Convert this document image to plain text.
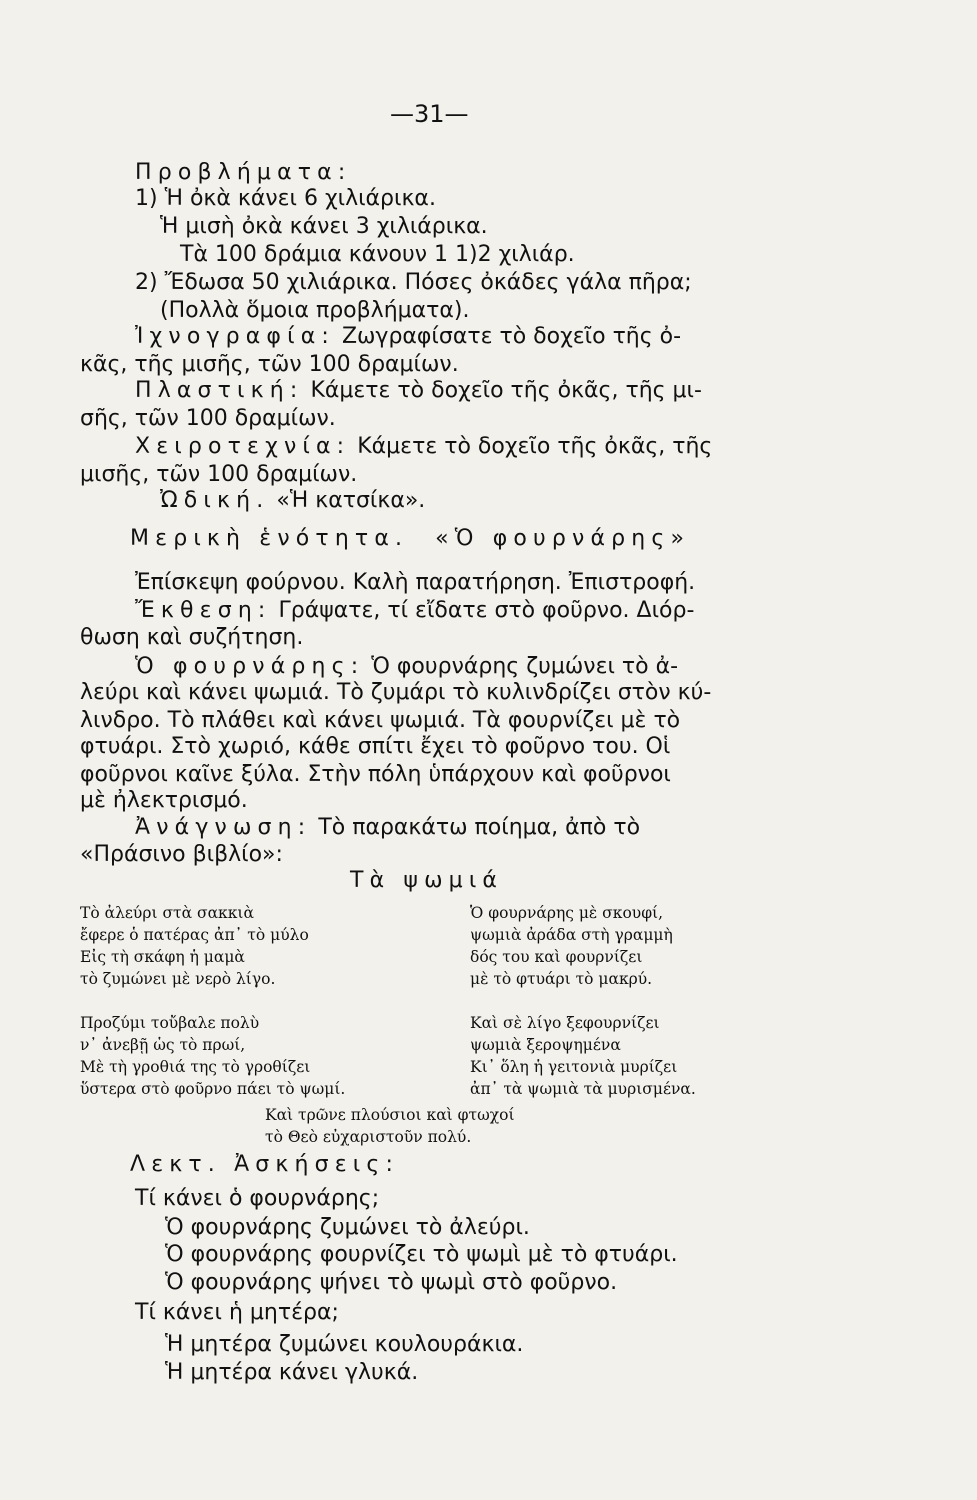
—31—
Προβλήματα:
1) Ἡ ὀκὰ κάνει 6 χιλιάρικα.
Ἡ μισὴ ὀκὰ κάνει 3 χιλιάρικα.
Τὰ 100 δράμια κάνουν 1 1)2 χιλιάρ.
2) Ἔδωσα 50 χιλιάρικα. Πόσες ὀκάδες γάλα πῆρα;
(Πολλὰ ὅμοια προβλήματα).
Ἰχνογραφία: Ζωγραφίσατε τὸ δοχεῖο τῆς ὀ-
κᾶς, τῆς μισῆς, τῶν 100 δραμίων.
Πλαστική: Κάμετε τὸ δοχεῖο τῆς ὀκᾶς, τῆς μι-
σῆς, τῶν 100 δραμίων.
Χειροτεχνία: Κάμετε τὸ δοχεῖο τῆς ὀκᾶς, τῆς
μισῆς, τῶν 100 δραμίων.
Ὠδική. «Ἡ κατσίκα».
Μερικὴ ἑνότητα. «Ὁ φουρνάρης»
Ἐπίσκεψη φούρνου. Καλὴ παρατήρηση. Ἐπιστροφή.
Ἔκθεση: Γράψατε, τί εἴδατε στὸ φοῦρνο. Διόρ-
θωση καὶ συζήτηση.
Ὁ φουρνάρης: Ὁ φουρνάρης ζυμώνει τὸ ἀ-
λεύρι καὶ κάνει ψωμιά. Τὸ ζυμάρι τὸ κυλινδρίζει στὸν κύ-
λινδρο. Τὸ πλάθει καὶ κάνει ψωμιά. Τὰ φουρνίζει μὲ τὸ
φτυάρι. Στὸ χωριό, κάθε σπίτι ἔχει τὸ φοῦρνο του. Οἱ
φοῦρνοι καῖνε ξύλα. Στὴν πόλη ὑπάρχουν καὶ φοῦρνοι
μὲ ἠλεκτρισμό.
Ἀνάγνωση: Τὸ παρακάτω ποίημα, ἀπὸ τὸ
«Πράσινο βιβλίο»:
Τὰ ψωμιά
Τὸ ἀλεύρι στὰ σακκιὰ
ἔφερε ὁ πατέρας ἀπ᾽ τὸ μύλο
Εἰς τὴ σκάφη ἡ μαμὰ
τὸ ζυμώνει μὲ νερὸ λίγο.
Ὁ φουρνάρης μὲ σκουφί,
ψωμιὰ ἀράδα στὴ γραμμὴ
δός του καὶ φουρνίζει
μὲ τὸ φτυάρι τὸ μακρύ.
Προζύμι τοὔβαλε πολὺ
ν᾽ ἀνεβῇ ὡς τὸ πρωί,
Μὲ τὴ γροθιά της τὸ γροθίζει
ὕστερα στὸ φοῦρνο πάει τὸ ψωμί.
Καὶ σὲ λίγο ξεφουρνίζει
ψωμιὰ ξεροψημένα
Κι᾽ ὅλη ἡ γειτονιὰ μυρίζει
ἀπ᾽ τὰ ψωμιὰ τὰ μυρισμένα.
Καὶ τρῶνε πλούσιοι καὶ φτωχοί
τὸ Θεὸ εὐχαριστοῦν πολύ.
Λεκτ. Ἀσκήσεις:
Τί κάνει ὁ φουρνάρης;
Ὁ φουρνάρης ζυμώνει τὸ ἀλεύρι.
Ὁ φουρνάρης φουρνίζει τὸ ψωμὶ μὲ τὸ φτυάρι.
Ὁ φουρνάρης ψήνει τὸ ψωμὶ στὸ φοῦρνο.
Τί κάνει ἡ μητέρα;
Ἡ μητέρα ζυμώνει κουλουράκια.
Ἡ μητέρα κάνει γλυκά.
